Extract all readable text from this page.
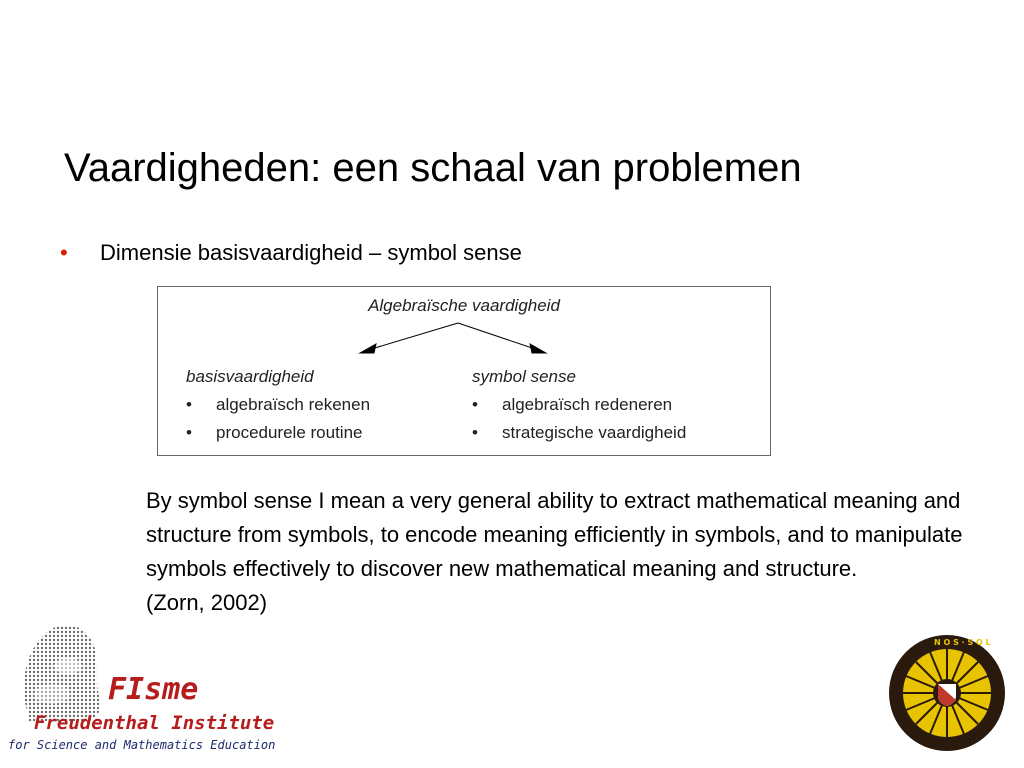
Vaardigheden: een schaal van problemen
• Dimensie basisvaardigheid – symbol sense
Algebraïsche vaardigheid
basisvaardigheid
• algebraïsch rekenen
• procedurele routine
symbol sense
• algebraïsch redeneren
• strategische vaardigheid
By symbol sense I mean a very general ability to extract mathematical meaning and structure from symbols, to encode meaning efficiently in symbols, and to manipulate symbols effectively to discover new mathematical meaning and structure.
(Zorn, 2002)
FIsme
Freudenthal Institute
for Science and Mathematics Education
N O S · S O L
